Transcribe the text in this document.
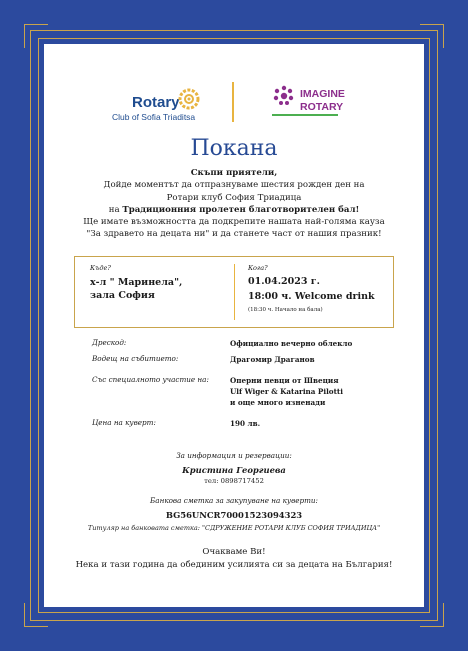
Rotary
Club of Sofia Triaditsa
IMAGINE
ROTARY
Покана
Скъпи приятели,
Дойде моментът да отпразнуваме шестия рожден ден на
Ротари клуб София Триадица
на Традиционния пролетен благотворителен бал!
Ще имате възможността да подкрепите нашата най-голяма кауза
"За здравето на децата ни" и да станете част от нашия празник!
Къде?
х-л " Маринела",
зала София
Кога?
01.04.2023 г.
18:00 ч. Welcome drink
(18:30 ч. Начало на бала)
Дрескод:	Официално вечерно облекло
Водещ на събитието:	Драгомир Драганов
Със специалното участие на:	Оперни певци от Швеция
Ulf Wiger & Katarina Pilotti
и още много изненади
Цена на куверт:	190 лв.
За информация и резервации:
Кристина Георгиева
тел: 0898717452
Банкова сметка за закупуване на куверти:
BG56UNCR70001523094323
Титуляр на банковата сметка: "СДРУЖЕНИЕ РОТАРИ КЛУБ СОФИЯ ТРИАДИЦА"
Очакваме Ви!
Нека и тази година да обединим усилията си за децата на България!
